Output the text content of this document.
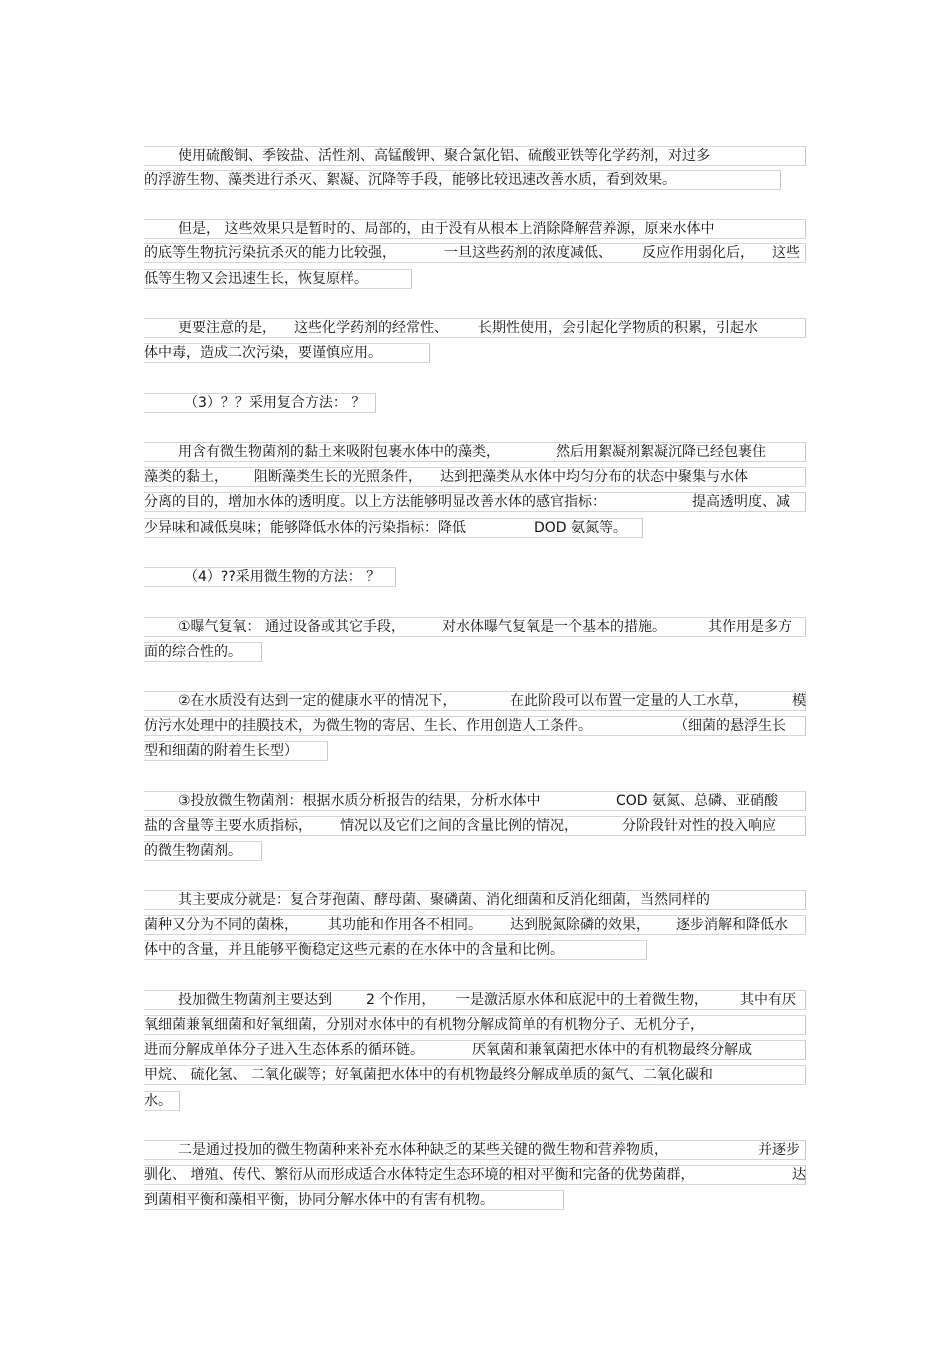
使用硫酸铜、季铵盐、活性剂、高锰酸钾、聚合氯化铝、硫酸亚铁等化学药剂，对过多
的浮游生物、藻类进行杀灭、絮凝、沉降等手段，能够比较迅速改善水质，看到效果。
但是， 这些效果只是暂时的、局部的，由于没有从根本上消除降解营养源，原来水体中
的底等生物抗污染抗杀灭的能力比较强，	一旦这些药剂的浓度减低、 反应作用弱化后， 这些
低等生物又会迅速生长，恢复原样。
更要注意的是， 这些化学药剂的经常性、 长期性使用，会引起化学物质的积累，引起水
体中毒，造成二次污染，要谨慎应用。
（3）？？采用复合方法： ？
用含有微生物菌剂的黏土来吸附包裹水体中的藻类，	然后用絮凝剂絮凝沉降已经包裹住
藻类的黏土， 阻断藻类生长的光照条件， 达到把藻类从水体中均匀分布的状态中聚集与水体
分离的目的，增加水体的透明度。以上方法能够明显改善水体的感官指标：	提高透明度、减
少异味和减低臭味；能够降低水体的污染指标：降低	DOD 氨氮等。
（4）??采用微生物的方法： ？
①曝气复氧： 通过设备或其它手段，	对水体曝气复氧是一个基本的措施。	其作用是多方
面的综合性的。
②在水质没有达到一定的健康水平的情况下，	在此阶段可以布置一定量的人工水草，	模
仿污水处理中的挂膜技术，为微生物的寄居、生长、作用创造人工条件。	（细菌的悬浮生长
型和细菌的附着生长型）
③投放微生物菌剂：根据水质分析报告的结果，分析水体中	COD 氨氮、总磷、亚硝酸
盐的含量等主要水质指标， 情况以及它们之间的含量比例的情况，	分阶段针对性的投入响应
的微生物菌剂。
其主要成分就是：复合芽孢菌、酵母菌、聚磷菌、消化细菌和反消化细菌，当然同样的
菌种又分为不同的菌株， 其功能和作用各不相同。 达到脱氮除磷的效果， 逐步消解和降低水
体中的含量，并且能够平衡稳定这些元素的在水体中的含量和比例。
投加微生物菌剂主要达到 2 个作用， 一是激活原水体和底泥中的土着微生物， 其中有厌
氧细菌兼氧细菌和好氧细菌，分别对水体中的有机物分解成简单的有机物分子、无机分子，
进而分解成单体分子进入生态体系的循环链。	厌氧菌和兼氧菌把水体中的有机物最终分解成
甲烷、 硫化氢、 二氧化碳等；好氧菌把水体中的有机物最终分解成单质的氮气、二氧化碳和
水。
二是通过投加的微生物菌种来补充水体种缺乏的某些关键的微生物和营养物质，	并逐步
驯化、 增殖、传代、繁衍从而形成适合水体特定生态环境的相对平衡和完备的优势菌群，	达
到菌相平衡和藻相平衡，协同分解水体中的有害有机物。
